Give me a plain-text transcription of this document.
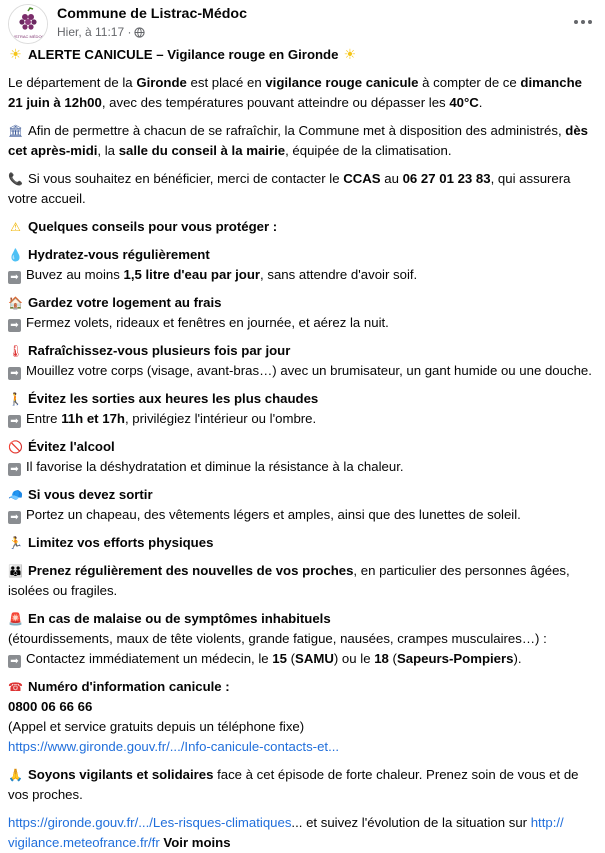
LISTRAC MÉDOC
Commune de Listrac-Médoc
Hier, à 11:17 ·

☀ ALERTE CANICULE – Vigilance rouge en Gironde ☀

Le département de la Gironde est placé en vigilance rouge canicule à compter de ce dimanche 21 juin à 12h00, avec des températures pouvant atteindre ou dépasser les 40°C.

🏛 Afin de permettre à chacun de se rafraîchir, la Commune met à disposition des administrés, dès cet après-midi, la salle du conseil à la mairie, équipée de la climatisation.

📞 Si vous souhaitez en bénéficier, merci de contacter le CCAS au 06 27 01 23 83, qui assurera votre accueil.

⚠ Quelques conseils pour vous protéger :

💧 Hydratez-vous régulièrement

➡ Buvez au moins 1,5 litre d'eau par jour, sans attendre d'avoir soif.

🏠 Gardez votre logement au frais

➡ Fermez volets, rideaux et fenêtres en journée, et aérez la nuit.

🌡 Rafraîchissez-vous plusieurs fois par jour

➡ Mouillez votre corps (visage, avant-bras…) avec un brumisateur, un gant humide ou une douche.

🚶 Évitez les sorties aux heures les plus chaudes

➡ Entre 11h et 17h, privilégiez l'intérieur ou l'ombre.

🚫 Évitez l'alcool

➡ Il favorise la déshydratation et diminue la résistance à la chaleur.

🧢 Si vous devez sortir

➡ Portez un chapeau, des vêtements légers et amples, ainsi que des lunettes de soleil.

🏃 Limitez vos efforts physiques

👪 Prenez régulièrement des nouvelles de vos proches, en particulier des personnes âgées, isolées ou fragiles.

🚨 En cas de malaise ou de symptômes inhabituels

(étourdissements, maux de tête violents, grande fatigue, nausées, crampes musculaires…) :

➡ Contactez immédiatement un médecin, le 15 (SAMU) ou le 18 (Sapeurs-Pompiers).

☎ Numéro d'information canicule :

0800 06 66 66

(Appel et service gratuits depuis un téléphone fixe)

https://www.gironde.gouv.fr/.../Info-canicule-contacts-et...

🙏 Soyons vigilants et solidaires face à cet épisode de forte chaleur. Prenez soin de vous et de vos proches.

https://gironde.gouv.fr/.../Les-risques-climatiques... et suivez l'évolution de la situation sur http://
vigilance.meteofrance.fr/fr Voir moins
